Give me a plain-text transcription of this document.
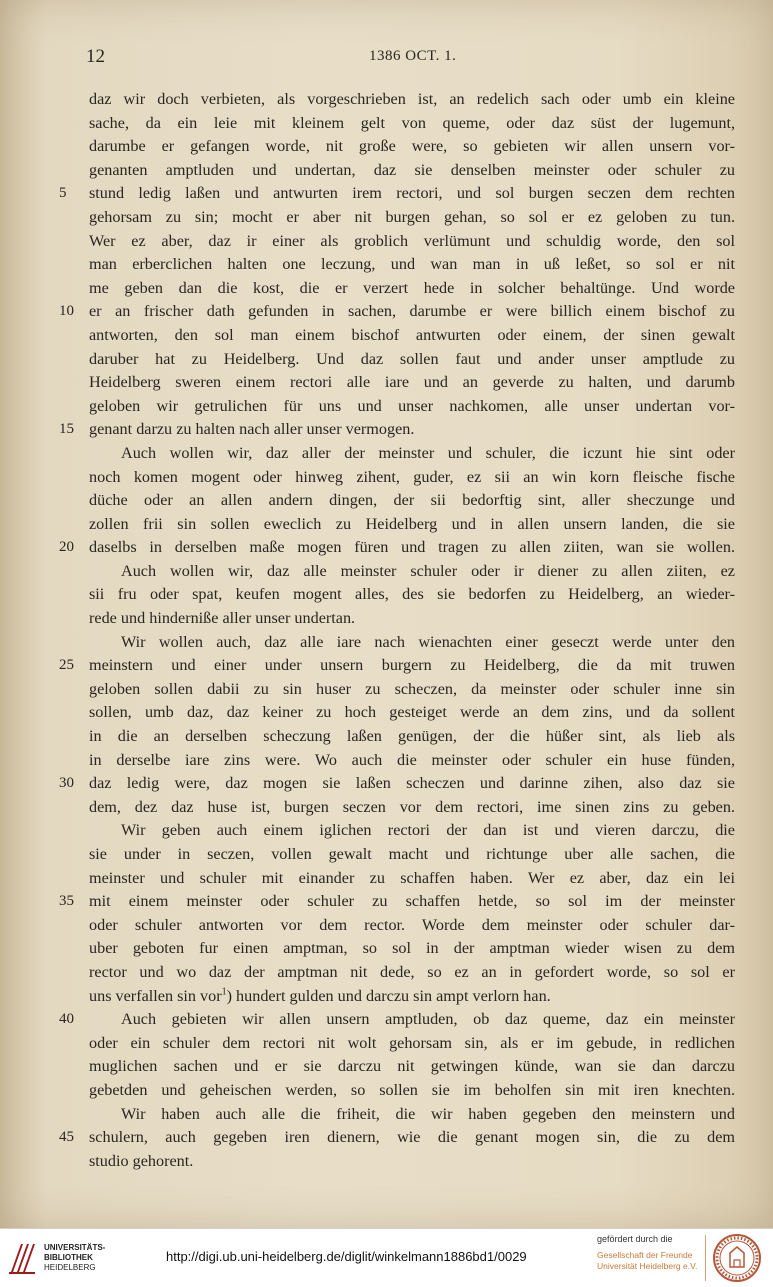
12	1386 OCT. 1.
daz wir doch verbieten, als vorgeschrieben ist, an redelich sach oder umb ein kleine
sache, da ein leie mit kleinem gelt von queme, oder daz süst der lugemunt,
darumbe er gefangen worde, nit große were, so gebieten wir allen unsern vor-
genanten amptluden und undertan, daz sie denselben meinster oder schuler zu
5	stund ledig laßen und antwurten irem rectori, und sol burgen seczen dem rechten
gehorsam zu sin; mocht er aber nit burgen gehan, so sol er ez geloben zu tun.
Wer ez aber, daz ir einer als groblich verlümunt und schuldig worde, den sol
man erberclichen halten one leczung, und wan man in uß leßet, so sol er nit
me geben dan die kost, die er verzert hede in solcher behaltünge. Und worde
10 er an frischer dath gefunden in sachen, darumbe er were billich einem bischof zu
antworten, den sol man einem bischof antwurten oder einem, der sinen gewalt
daruber hat zu Heidelberg. Und daz sollen faut und ander unser amptlude zu
Heidelberg sweren einem rectori alle iare und an geverde zu halten, und darumb
geloben wir getrulichen für uns und unser nachkomen, alle unser undertan vor-
15 genant darzu zu halten nach aller unser vermogen.
Auch wollen wir, daz aller der meinster und schuler, die iczunt hie sint oder
noch komen mogent oder hinweg zihent, guder, ez sii an win korn fleische fische
düche oder an allen andern dingen, der sii bedorftig sint, aller sheczunge und
zollen frii sin sollen eweclich zu Heidelberg und in allen unsern landen, die sie
20 daselbs in derselben maße mogen füren und tragen zu allen ziiten, wan sie wollen.
Auch wollen wir, daz alle meinster schuler oder ir diener zu allen ziiten, ez
sii fru oder spat, keufen mogent alles, des sie bedorfen zu Heidelberg, an wieder-
rede und hinderniße aller unser undertan.
Wir wollen auch, daz alle iare nach wienachten einer geseczt werde unter den
25 meinstern und einer under unsern burgern zu Heidelberg, die da mit truwen
geloben sollen dabii zu sin huser zu scheczen, da meinster oder schuler inne sin
sollen, umb daz, daz keiner zu hoch gesteiget werde an dem zins, und da sollent
in die an derselben scheczung laßen genügen, der die hüßer sint, als lieb als
in derselbe iare zins were. Wo auch die meinster oder schuler ein huse fünden,
30 daz ledig were, daz mogen sie laßen scheczen und darinne zihen, also daz sie
dem, dez daz huse ist, burgen seczen vor dem rectori, ime sinen zins zu geben.
Wir geben auch einem iglichen rectori der dan ist und vieren darczu, die
sie under in seczen, vollen gewalt macht und richtunge uber alle sachen, die
meinster und schuler mit einander zu schaffen haben. Wer ez aber, daz ein lei
35 mit einem meinster oder schuler zu schaffen hetde, so sol im der meinster
oder schuler antworten vor dem rector. Worde dem meinster oder schuler dar-
uber geboten fur einen amptman, so sol in der amptman wieder wisen zu dem
rector und wo daz der amptman nit dede, so ez an in gefordert worde, so sol er
uns verfallen sin vor$^1$) hundert gulden und darczu sin ampt verlorn han.
40	Auch gebieten wir allen unsern amptluden, ob daz queme, daz ein meinster
oder ein schuler dem rectori nit wolt gehorsam sin, als er im gebude, in redlichen
muglichen sachen und er sie darczu nit getwingen künde, wan sie dan darczu
gebetden und geheischen werden, so sollen sie im beholfen sin mit iren knechten.
Wir haben auch alle die friheit, die wir haben gegeben den meinstern und
45 schulern, auch gegeben iren dienern, wie die genant mogen sin, die zu dem
studio gehorent.
UNIVERSITÄTS-
BIBLIOTHEK
HEIDELBERG
http://digi.ub.uni-heidelberg.de/diglit/winkelmann1886bd1/0029
gefördert durch die
Gesellschaft der Freunde
Universität Heidelberg e.V.
